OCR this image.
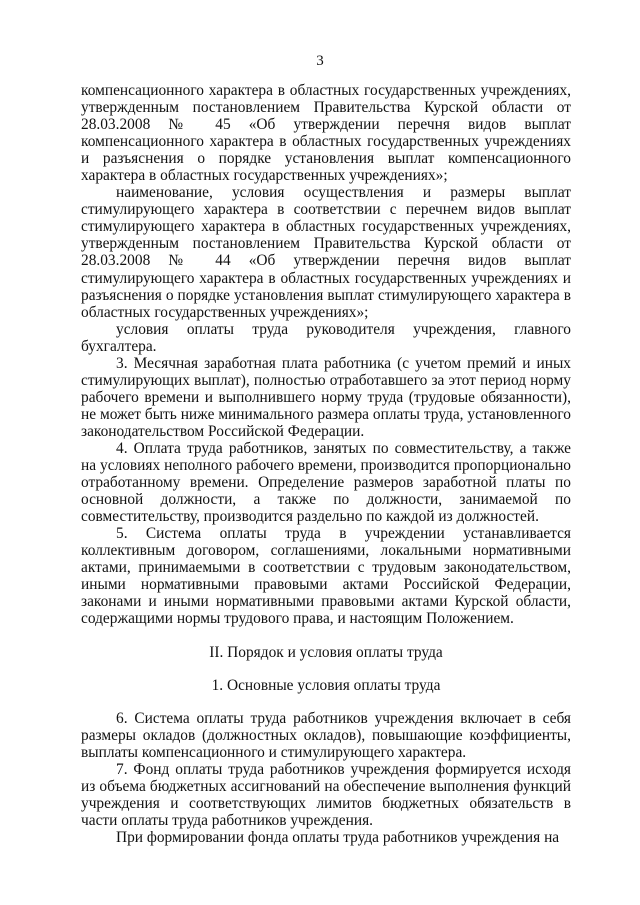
3

компенсационного характера в областных государственных учреждениях, утвержденным постановлением Правительства Курской области от 28.03.2008 № 45 «Об утверждении перечня видов выплат компенсационного характера в областных государственных учреждениях и разъяснения о порядке установления выплат компенсационного характера в областных государственных учреждениях»;

наименование, условия осуществления и размеры выплат стимулирующего характера в соответствии с перечнем видов выплат стимулирующего характера в областных государственных учреждениях, утвержденным постановлением Правительства Курской области от 28.03.2008 № 44 «Об утверждении перечня видов выплат стимулирующего характера в областных государственных учреждениях и разъяснения о порядке установления выплат стимулирующего характера в областных государственных учреждениях»;

условия оплаты труда руководителя учреждения, главного бухгалтера.

3. Месячная заработная плата работника (с учетом премий и иных стимулирующих выплат), полностью отработавшего за этот период норму рабочего времени и выполнившего норму труда (трудовые обязанности), не может быть ниже минимального размера оплаты труда, установленного законодательством Российской Федерации.

4. Оплата труда работников, занятых по совместительству, а также на условиях неполного рабочего времени, производится пропорционально отработанному времени. Определение размеров заработной платы по основной должности, а также по должности, занимаемой по совместительству, производится раздельно по каждой из должностей.

5. Система оплаты труда в учреждении устанавливается коллективным договором, соглашениями, локальными нормативными актами, принимаемыми в соответствии с трудовым законодательством, иными нормативными правовыми актами Российской Федерации, законами и иными нормативными правовыми актами Курской области, содержащими нормы трудового права, и настоящим Положением.

II. Порядок и условия оплаты труда

1. Основные условия оплаты труда

6. Система оплаты труда работников учреждения включает в себя размеры окладов (должностных окладов), повышающие коэффициенты, выплаты компенсационного и стимулирующего характера.

7. Фонд оплаты труда работников учреждения формируется исходя из объема бюджетных ассигнований на обеспечение выполнения функций учреждения и соответствующих лимитов бюджетных обязательств в части оплаты труда работников учреждения.

При формировании фонда оплаты труда работников учреждения на
